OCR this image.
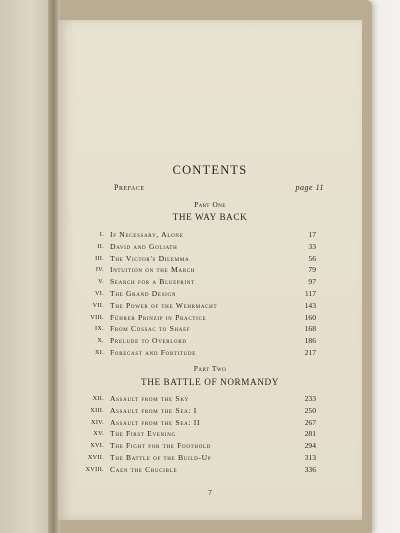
CONTENTS
Preface	page 11
Part One
THE WAY BACK
I. If Necessary, Alone	17
II. David and Goliath	33
III. The Victor's Dilemma	56
IV. Intuition on the March	79
V. Search for a Blueprint	97
VI. The Grand Design	117
VII. The Power of the Wehrmacht	143
VIII. Führer Prinzip in Practice	160
IX. From Cossac to Shaef	168
X. Prelude to Overlord	186
XI. Forecast and Fortitude	217
Part Two
THE BATTLE OF NORMANDY
XII. Assault from the Sky	233
XIII. Assault from the Sea: I	250
XIV. Assault from the Sea: II	267
XV. The First Evening	281
XVI. The Fight for the Foothold	294
XVII. The Battle of the Build-Up	313
XVIII. Caen the Crucible	336
7
